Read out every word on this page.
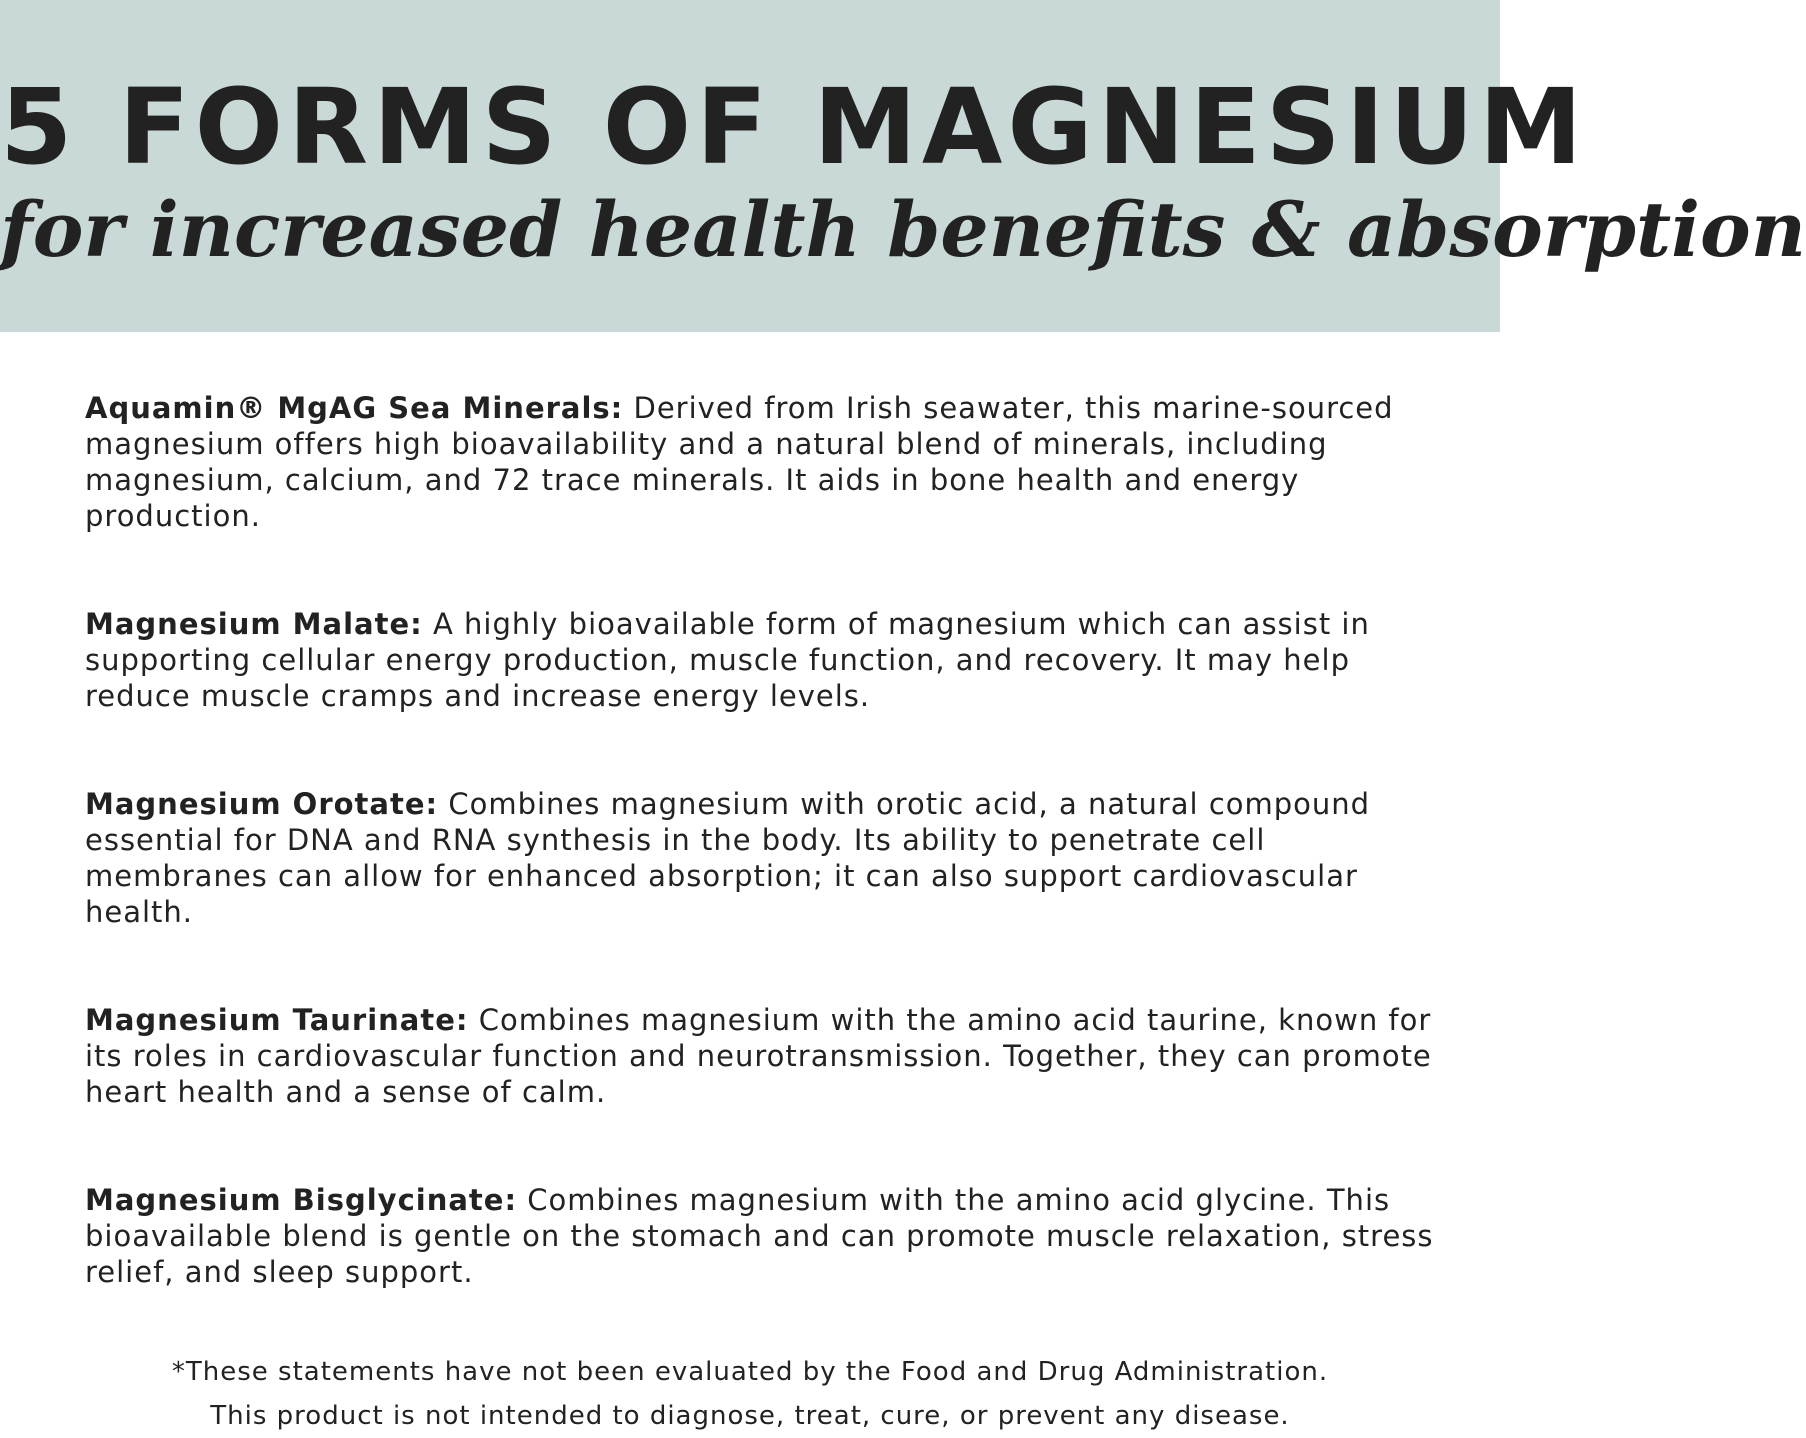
5 FORMS OF MAGNESIUM
for increased health benefits & absorption

Aquamin® MgAG Sea Minerals: Derived from Irish seawater, this marine-sourced magnesium offers high bioavailability and a natural blend of minerals, including magnesium, calcium, and 72 trace minerals. It aids in bone health and energy production.

Magnesium Malate: A highly bioavailable form of magnesium which can assist in supporting cellular energy production, muscle function, and recovery. It may help reduce muscle cramps and increase energy levels.

Magnesium Orotate: Combines magnesium with orotic acid, a natural compound essential for DNA and RNA synthesis in the body. Its ability to penetrate cell membranes can allow for enhanced absorption; it can also support cardiovascular health.

Magnesium Taurinate: Combines magnesium with the amino acid taurine, known for its roles in cardiovascular function and neurotransmission. Together, they can promote heart health and a sense of calm.

Magnesium Bisglycinate: Combines magnesium with the amino acid glycine. This bioavailable blend is gentle on the stomach and can promote muscle relaxation, stress relief, and sleep support.

*These statements have not been evaluated by the Food and Drug Administration.
This product is not intended to diagnose, treat, cure, or prevent any disease.
